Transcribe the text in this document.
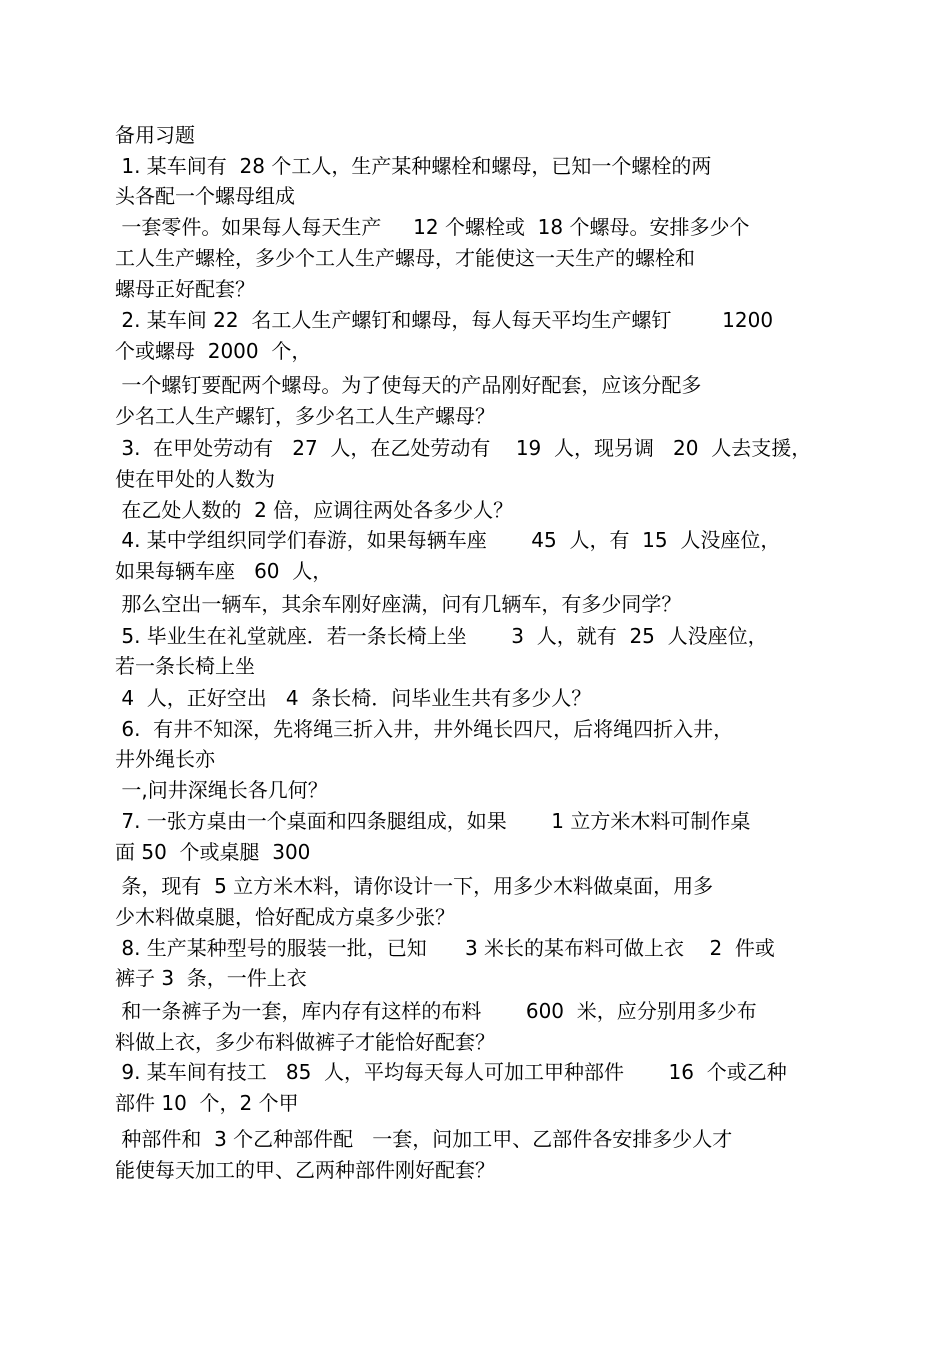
备用习题

1. 某车间有  28 个工人，生产某种螺栓和螺母，已知一个螺栓的两

头各配一个螺母组成

一套零件。如果每人每天生产     12 个螺栓或  18 个螺母。安排多少个

工人生产螺栓，多少个工人生产螺母，才能使这一天生产的螺栓和

螺母正好配套？

2. 某车间 22  名工人生产螺钉和螺母，每人每天平均生产螺钉        1200

个或螺母  2000  个，

一个螺钉要配两个螺母。为了使每天的产品刚好配套，应该分配多

少名工人生产螺钉，多少名工人生产螺母？

3.  在甲处劳动有   27  人，在乙处劳动有    19  人，现另调   20  人去支援，

使在甲处的人数为

在乙处人数的  2 倍，应调往两处各多少人？

4. 某中学组织同学们春游，如果每辆车座       45  人，有  15  人没座位，

如果每辆车座   60  人，

那么空出一辆车，其余车刚好座满，问有几辆车，有多少同学？

5. 毕业生在礼堂就座．若一条长椅上坐       3  人，就有  25  人没座位，

若一条长椅上坐

4  人，正好空出   4  条长椅．问毕业生共有多少人？

6.  有井不知深，先将绳三折入井，井外绳长四尺，后将绳四折入井，

井外绳长亦

一,问井深绳长各几何？

7. 一张方桌由一个桌面和四条腿组成，如果       1 立方米木料可制作桌

面 50  个或桌腿  300

条，现有  5 立方米木料，请你设计一下，用多少木料做桌面，用多

少木料做桌腿，恰好配成方桌多少张？

8. 生产某种型号的服装一批，已知      3 米长的某布料可做上衣    2  件或

裤子 3  条，一件上衣

和一条裤子为一套，库内存有这样的布料       600  米，应分别用多少布

料做上衣，多少布料做裤子才能恰好配套？

9. 某车间有技工   85  人，平均每天每人可加工甲种部件       16  个或乙种

部件 10  个，2 个甲

种部件和  3 个乙种部件配   一套，问加工甲、乙部件各安排多少人才

能使每天加工的甲、乙两种部件刚好配套？
